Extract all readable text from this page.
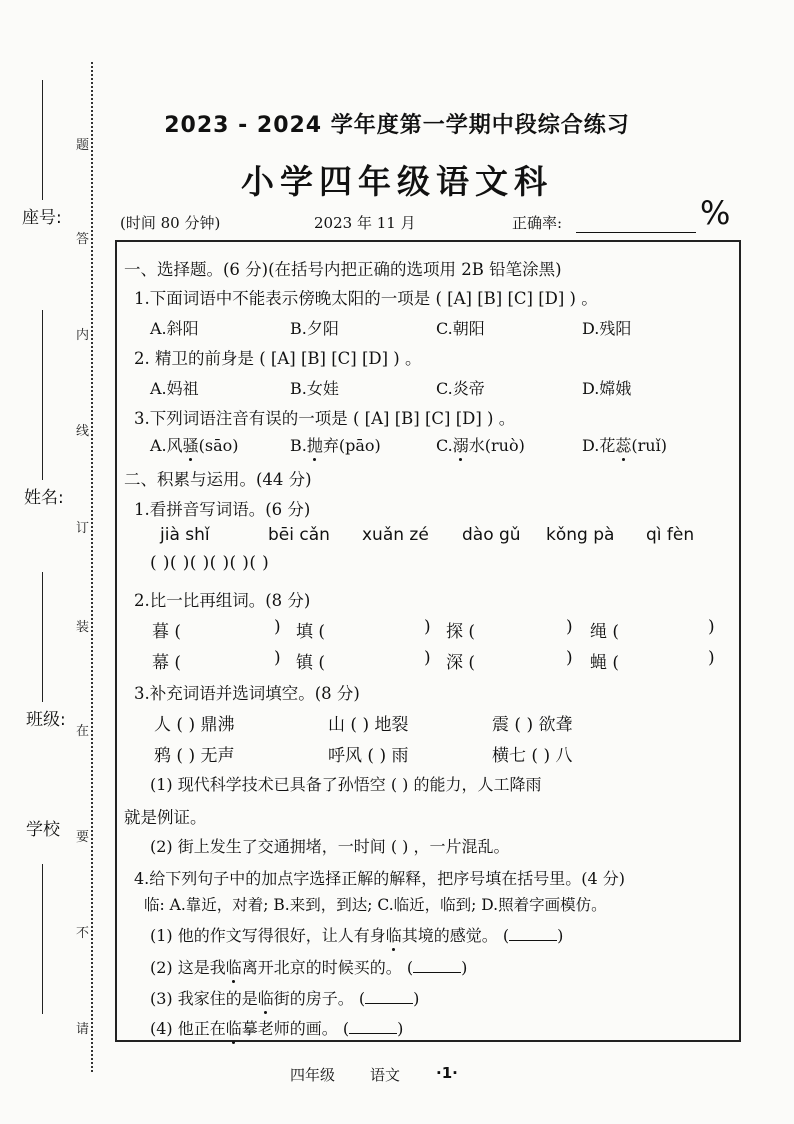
座号:
姓名:
班级:
学校
题
答
内
线
订
装
在
要
不
请
2023 - 2024 学年度第一学期中段综合练习
小学四年级语文科
(时间 80 分钟)	2023 年 11 月	正确率:	%
一、选择题。(6 分)(在括号内把正确的选项用 2B 铅笔涂黑)
1.下面词语中不能表示傍晚太阳的一项是 ( [A] [B] [C] [D] ) 。
A.斜阳	B.夕阳	C.朝阳	D.残阳
2. 精卫的前身是 ( [A] [B] [C] [D] ) 。
A.妈祖	B.女娃	C.炎帝	D.嫦娥
3.下列词语注音有误的一项是 ( [A] [B] [C] [D] ) 。
A.风骚(sāo)	B.抛弃(pāo)	C.溺水(ruò)	D.花蕊(ruǐ)
二、积累与运用。(44 分)
1.看拼音写词语。(6 分)
jià shǐ	bēi cǎn xuǎn zé dào gǔ kǒng pà qì fèn
( )( )( )( )( )( )
2.比一比再组词。(8 分)
暮 (	) 填 (	) 探 (	) 绳 (	)
幕 (	) 镇 (	) 深 (	) 蝇 (	)
3.补充词语并选词填空。(8 分)
人 ( ) 鼎沸	山 ( ) 地裂	震 ( ) 欲聋
鸦 ( ) 无声	呼风 ( ) 雨	横七 ( ) 八
(1) 现代科学技术已具备了孙悟空 ( ) 的能力，人工降雨
就是例证。
(2) 街上发生了交通拥堵，一时间 ( ) ，一片混乱。
4.给下列句子中的加点字选择正解的解释，把序号填在括号里。(4 分)
临: A.靠近，对着; B.来到，到达; C.临近，临到; D.照着字画模仿。
(1) 他的作文写得很好，让人有身临其境的感觉。 (	)
(2) 这是我临离开北京的时候买的。 (	)
(3) 我家住的是临街的房子。 (	)
(4) 他正在临摹老师的画。 (	)
四年级 语文 ·1·
